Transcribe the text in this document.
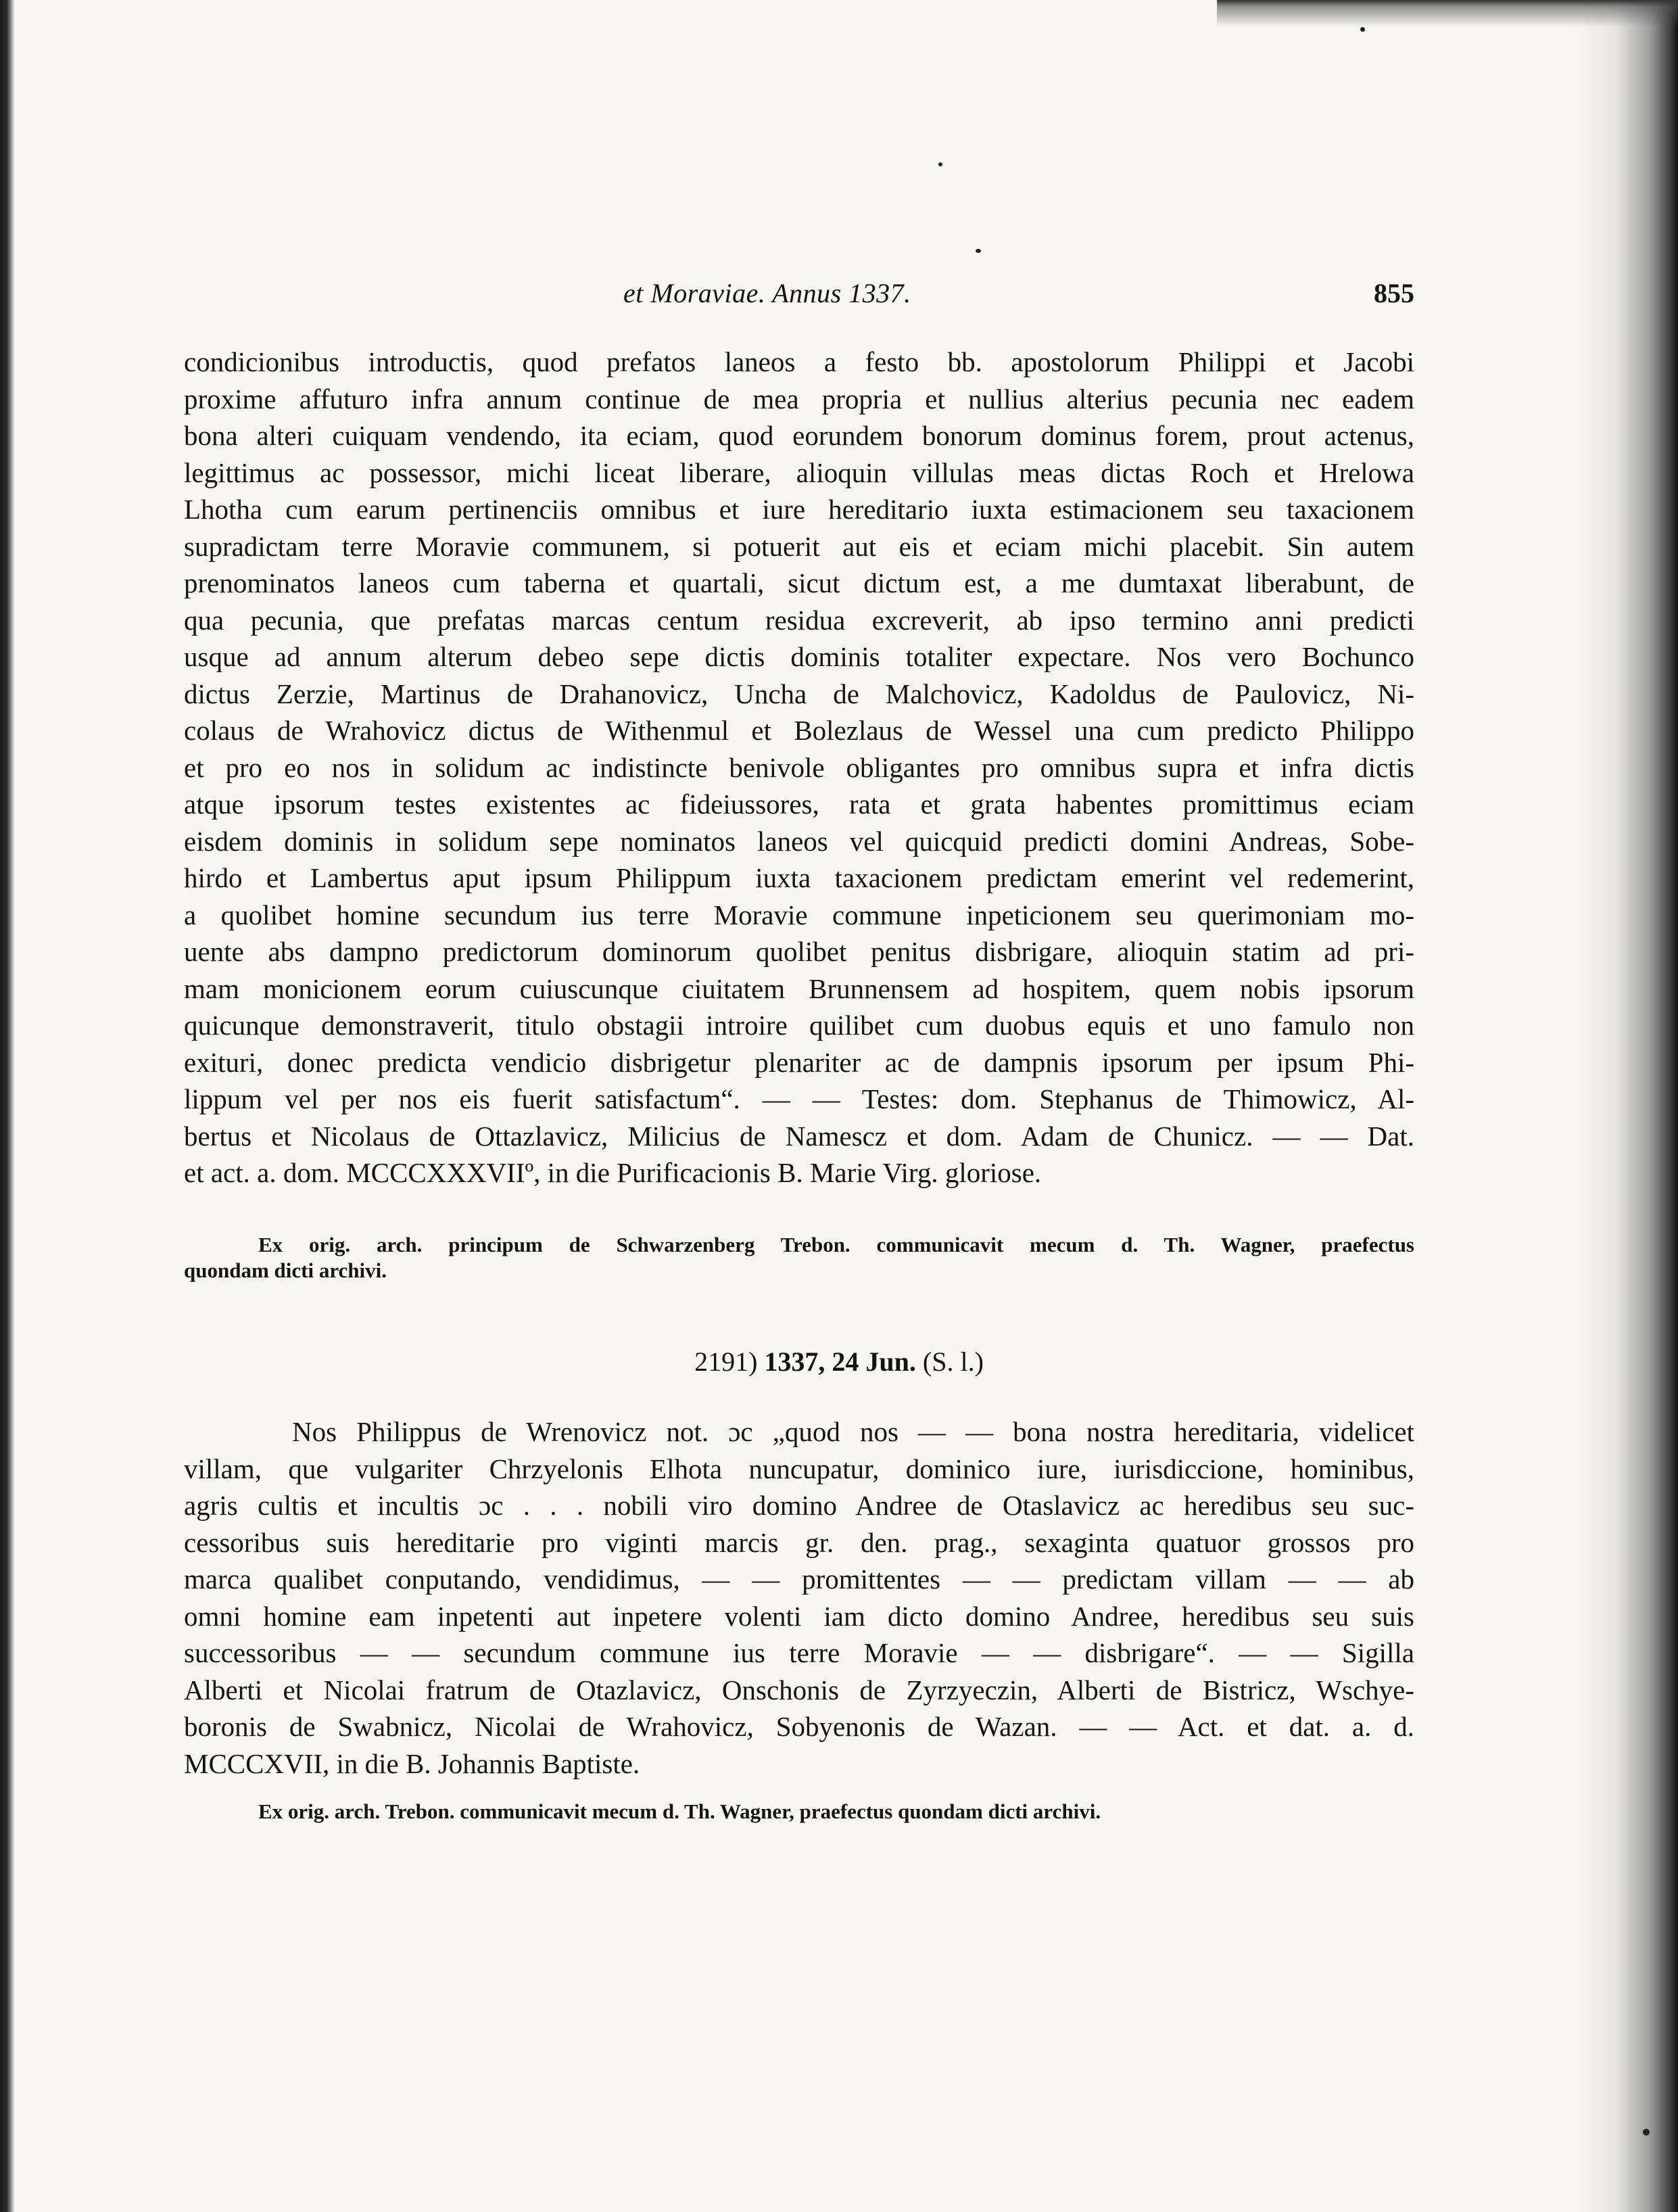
et Moraviae. Annus 1337.	855
condicionibus introductis, quod prefatos laneos a festo bb. apostolorum Philippi et Jacobi
proxime affuturo infra annum continue de mea propria et nullius alterius pecunia nec eadem
bona alteri cuiquam vendendo, ita eciam, quod eorundem bonorum dominus forem, prout actenus,
legittimus ac possessor, michi liceat liberare, alioquin villulas meas dictas Roch et Hrelowa
Lhotha cum earum pertinenciis omnibus et iure hereditario iuxta estimacionem seu taxacionem
supradictam terre Moravie communem, si potuerit aut eis et eciam michi placebit. Sin autem
prenominatos laneos cum taberna et quartali, sicut dictum est, a me dumtaxat liberabunt, de
qua pecunia, que prefatas marcas centum residua excreverit, ab ipso termino anni predicti
usque ad annum alterum debeo sepe dictis dominis totaliter expectare. Nos vero Bochunco
dictus Zerzie, Martinus de Drahanovicz, Uncha de Malchovicz, Kadoldus de Paulovicz, Ni-
colaus de Wrahovicz dictus de Withenmul et Bolezlaus de Wessel una cum predicto Philippo
et pro eo nos in solidum ac indistincte benivole obligantes pro omnibus supra et infra dictis
atque ipsorum testes existentes ac fideiussores, rata et grata habentes promittimus eciam
eisdem dominis in solidum sepe nominatos laneos vel quicquid predicti domini Andreas, Sobe-
hirdo et Lambertus aput ipsum Philippum iuxta taxacionem predictam emerint vel redemerint,
a quolibet homine secundum ius terre Moravie commune inpeticionem seu querimoniam mo-
uente abs dampno predictorum dominorum quolibet penitus disbrigare, alioquin statim ad pri-
mam monicionem eorum cuiuscunque ciuitatem Brunnensem ad hospitem, quem nobis ipsorum
quicunque demonstraverit, titulo obstagii introire quilibet cum duobus equis et uno famulo non
exituri, donec predicta vendicio disbrigetur plenariter ac de dampnis ipsorum per ipsum Phi-
lippum vel per nos eis fuerit satisfactum“. — — Testes: dom. Stephanus de Thimowicz, Al-
bertus et Nicolaus de Ottazlavicz, Milicius de Namescz et dom. Adam de Chunicz. — — Dat.
et act. a. dom. MCCCXXXVIIº, in die Purificacionis B. Marie Virg. gloriose.
Ex orig. arch. principum de Schwarzenberg Trebon. communicavit mecum d. Th. Wagner, praefectus
quondam dicti archivi.
2191) 1337, 24 Jun. (S. l.)
Nos Philippus de Wrenovicz not. ɔc „quod nos — — bona nostra hereditaria, videlicet
villam, que vulgariter Chrzyelonis Elhota nuncupatur, dominico iure, iurisdiccione, hominibus,
agris cultis et incultis ɔc . . . nobili viro domino Andree de Otaslavicz ac heredibus seu suc-
cessoribus suis hereditarie pro viginti marcis gr. den. prag., sexaginta quatuor grossos pro
marca qualibet conputando, vendidimus, — — promittentes — — predictam villam — — ab
omni homine eam inpetenti aut inpetere volenti iam dicto domino Andree, heredibus seu suis
successoribus — — secundum commune ius terre Moravie — — disbrigare“. — — Sigilla
Alberti et Nicolai fratrum de Otazlavicz, Onschonis de Zyrzyeczin, Alberti de Bistricz, Wschye-
boronis de Swabnicz, Nicolai de Wrahovicz, Sobyenonis de Wazan. — — Act. et dat. a. d.
MCCCXVII, in die B. Johannis Baptiste.
Ex orig. arch. Trebon. communicavit mecum d. Th. Wagner, praefectus quondam dicti archivi.
